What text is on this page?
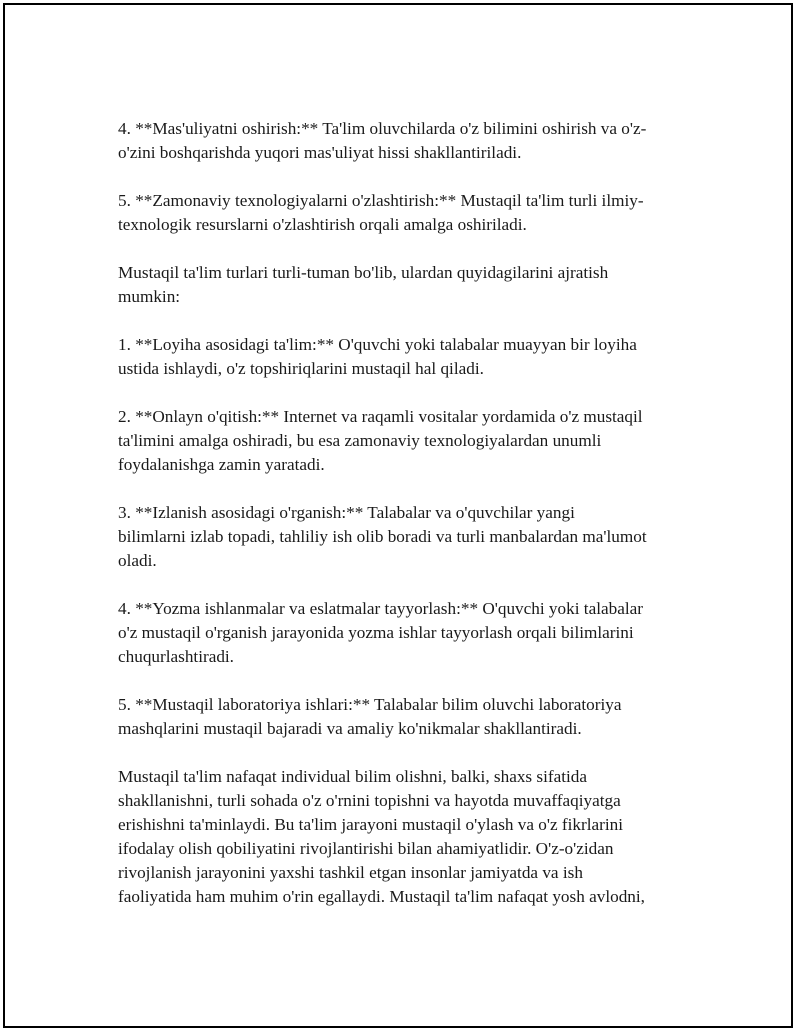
4. **Mas'uliyatni oshirish:** Ta'lim oluvchilarda o'z bilimini oshirish va o'z-
o'zini boshqarishda yuqori mas'uliyat hissi shakllantiriladi.

5. **Zamonaviy texnologiyalarni o'zlashtirish:** Mustaqil ta'lim turli ilmiy-
texnologik resurslarni o'zlashtirish orqali amalga oshiriladi.

Mustaqil ta'lim turlari turli-tuman bo'lib, ulardan quyidagilarini ajratish
mumkin:

1. **Loyiha asosidagi ta'lim:** O'quvchi yoki talabalar muayyan bir loyiha
ustida ishlaydi, o'z topshiriqlarini mustaqil hal qiladi.

2. **Onlayn o'qitish:** Internet va raqamli vositalar yordamida o'z mustaqil
ta'limini amalga oshiradi, bu esa zamonaviy texnologiyalardan unumli
foydalanishga zamin yaratadi.

3. **Izlanish asosidagi o'rganish:** Talabalar va o'quvchilar yangi
bilimlarni izlab topadi, tahliliy ish olib boradi va turli manbalardan ma'lumot
oladi.

4. **Yozma ishlanmalar va eslatmalar tayyorlash:** O'quvchi yoki talabalar
o'z mustaqil o'rganish jarayonida yozma ishlar tayyorlash orqali bilimlarini
chuqurlashtiradi.

5. **Mustaqil laboratoriya ishlari:** Talabalar bilim oluvchi laboratoriya
mashqlarini mustaqil bajaradi va amaliy ko'nikmalar shakllantiradi.

Mustaqil ta'lim nafaqat individual bilim olishni, balki, shaxs sifatida
shakllanishni, turli sohada o'z o'rnini topishni va hayotda muvaffaqiyatga
erishishni ta'minlaydi. Bu ta'lim jarayoni mustaqil o'ylash va o'z fikrlarini
ifodalay olish qobiliyatini rivojlantirishi bilan ahamiyatlidir. O'z-o'zidan
rivojlanish jarayonini yaxshi tashkil etgan insonlar jamiyatda va ish
faoliyatida ham muhim o'rin egallaydi. Mustaqil ta'lim nafaqat yosh avlodni,
